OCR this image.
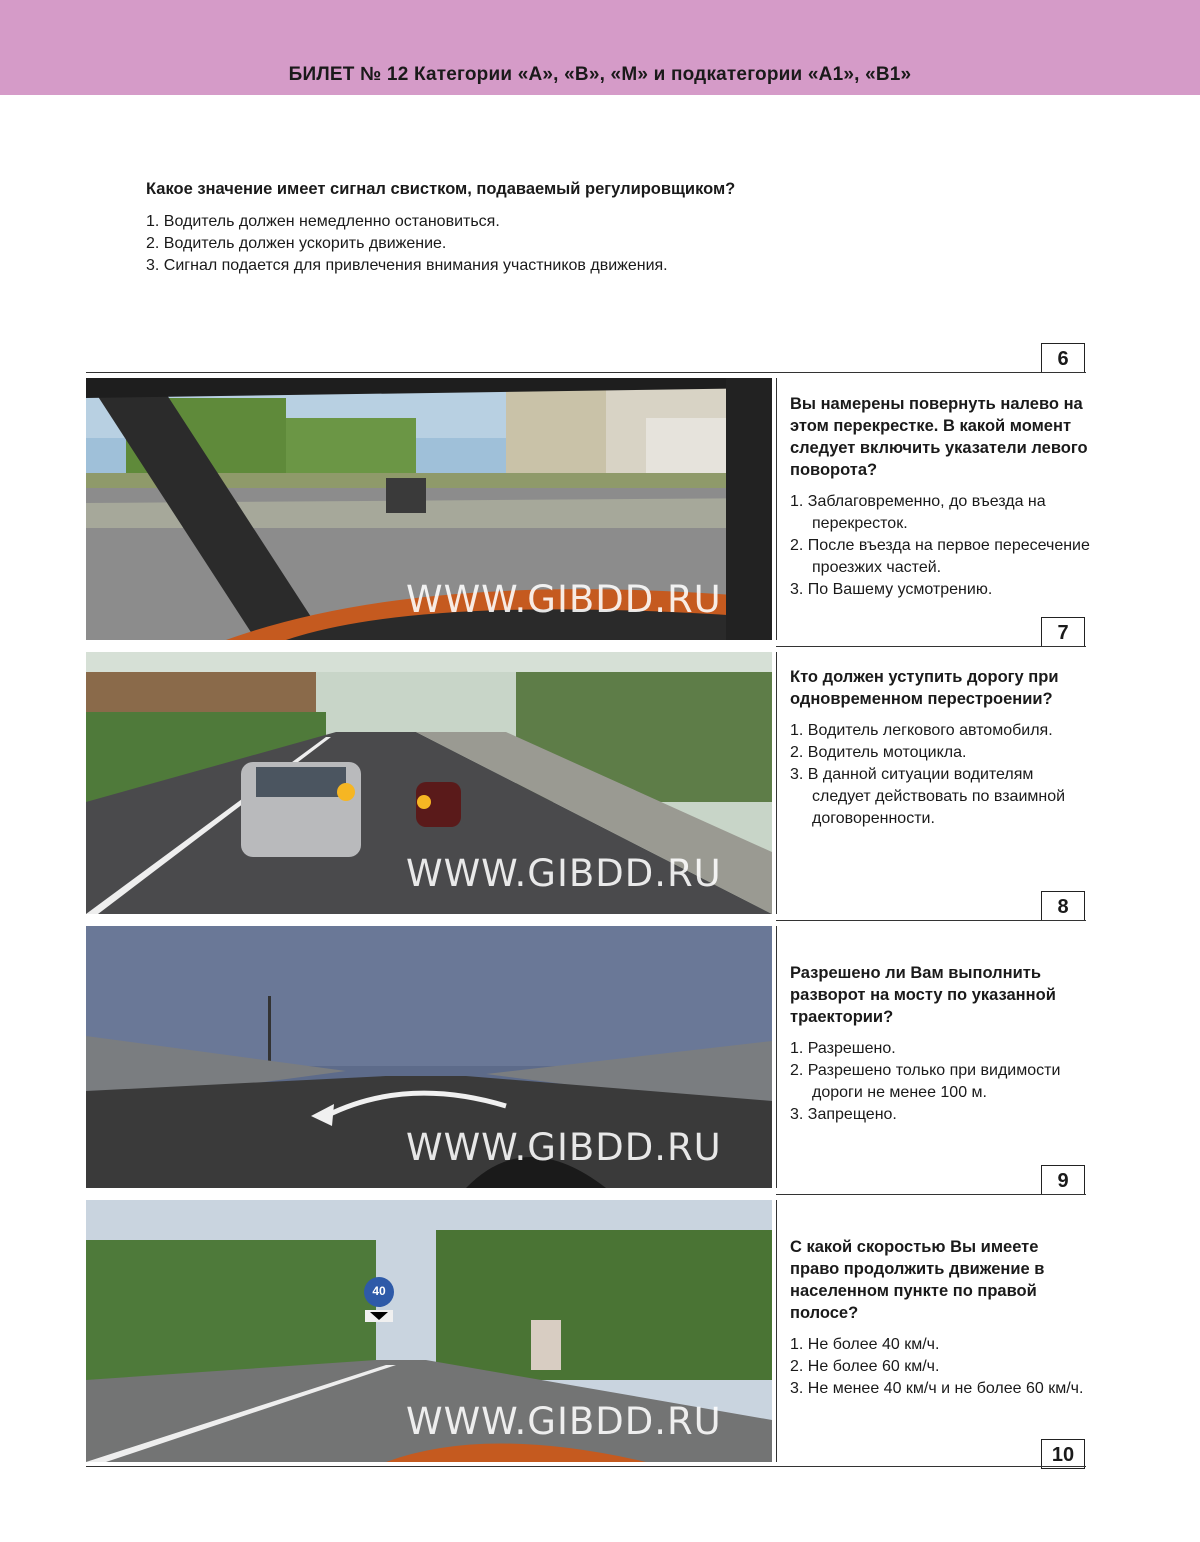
БИЛЕТ № 12 Категории «А», «В», «М» и подкатегории «А1», «В1»

Какое значение имеет сигнал свистком, подаваемый регулировщиком?

1. Водитель должен немедленно остановиться.
2. Водитель должен ускорить движение.
3. Сигнал подается для привлечения внимания участников движения.
6
WWW.GIBDD.RU

Вы намерены повернуть налево на этом перекрестке. В какой момент следует включить указатели левого поворота?

1. Заблаговременно, до въезда на перекресток.
2. После въезда на первое пересечение проезжих частей.
3. По Вашему усмотрению.
7
WWW.GIBDD.RU

Кто должен уступить дорогу при одновременном перестроении?

1. Водитель легкового автомобиля.
2. Водитель мотоцикла.
3. В данной ситуации водителям следует действовать по взаимной договоренности.
8
WWW.GIBDD.RU

Разрешено ли Вам выполнить разворот на мосту по указанной траектории?

1. Разрешено.
2. Разрешено только при видимости дороги не менее 100 м.
3. Запрещено.
9
40
WWW.GIBDD.RU

С какой скоростью Вы имеете право продолжить движение в населенном пункте по правой полосе?

1. Не более 40 км/ч.
2. Не более 60 км/ч.
3. Не менее 40 км/ч и не более 60 км/ч.
10
